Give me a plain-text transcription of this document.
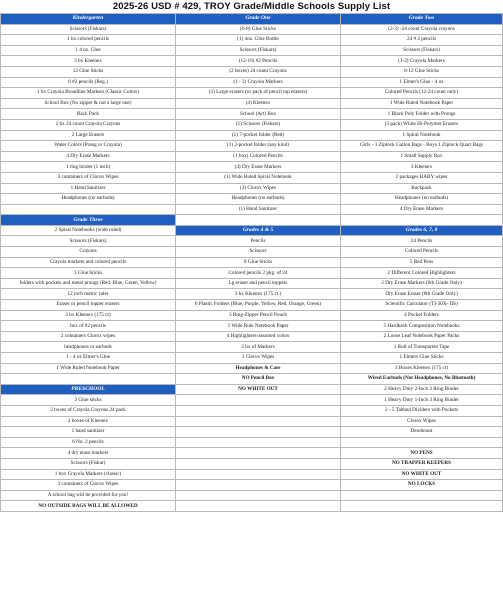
2025-26 USD # 429, TROY Grade/Middle Schools Supply List
Kindergarten	Grade One	Grade Two
Scissors (Fiskars)	(6-8) Glue Sticks	(2-3) -24 count Crayola crayons
1 bx colored pencils	(1) 4oz. Glue Bottle	24 # 2 pencils
1 4 oz. Glue	Scissors (Fiskars)	Scissors (Fiskars)
3 bx Kleenex	(12-16) #2 Pencils	(1-2) Crayola Markers
12 Glue Sticks	(2 boxes) 24 count Crayons	8-12 Glue Sticks
6 #2 pencils (Reg.)	(1 - 2) Crayola Markers	1 Elmer's Glue - 4 oz
1 bx Crayola Broadline Markers (Classic Colors)	(3) Large erasers (or pack of pencil top erasers)	Colored Pencils (12-24 count only)
School Box (No zipper & not a large one)	(4) Kleenex	1 Wide Ruled Notebook Paper
Back Pack	School (Art) Box	1 Black Poly Folder with Prongs
2 bx 24 count Crayola Crayons	(1) Scissors (Fiskars)	(3 pack) White Hi-Polymer Erasers
2 Large Erasers	(1) 7-pocket folder (Red)	1 Spiral Notebook
Water Colors (Prang or Crayola)	(1) 2-pocket folder (any kind)	Girls - 1 Ziplock Gallon Bags - Boys 1 Ziplock Quart Bags
4 Dry Erase Markers	(1 box) Colored Pencils	1 Small Supply Box
1 ring binder (1 inch)	(4) Dry Erase Markers	3 Kleenex
3 containers of Clorox Wipes	(1) Wide Ruled Spiral Notebook	2 packages BABY wipes
1 Hand Sanitizer	(3) Clorox Wipes	Backpack
Headphones (no earbuds)	Headphones (no earbuds)	Headphones (no earbuds)
	(1) Hand Sanitizer	4 Dry Erase Markers
Grade Three		
2 Spiral Notebooks (wide ruled)	Grades 4 & 5	Grades 6, 7, 8
Scissors (Fiskars)	Pencils	24 Pencils
Crayons	Scissors	Colored Pencils
Crayola markers and colored pencils	8 Glue Sticks	5 Red Pens
3 Glue Sticks	Colored pencils 2 pkg. of 24	2 Different Colored Highlighters
folders with pockets and metal prongs (Red, Blue, Green, Yellow)	Lg eraser and pencil toppers	2 Dry Erase Markers (6th Grade Only)
12 inch metric ruler	3 bx Kleenex (175 ct.)	Dry Erase Eraser (6th Grade Only)
Eraser or pencil topper erasers	6 Plastic Folders (Blue, Purple, Yellow, Red, Orange, Green)	Scientific Calculator (TI-30X- IIS)
3 bx Kleenex (175 ct)	3 Ring-Zipper Pencil Pouch	4 Pocket Folders
box of #2 pencils	1 Wide Rule Notebook Paper	5 Hardback Composition Notebooks
2 containers Clorox wipes	4 Highlighters-assorted colors	2 Loose Leaf Notebook Paper Packs
headphones or earbuds	2 bx of Markers	1 Roll of Transparent Tape
1 - 4 oz Elmer's Glue	1 Clorox Wipes	1 Elmers Glue Sticks
1 Wide Ruled Notebook Paper	Headphones & Case	3 Boxes Kleenex (175 ct)
	NO Pencil Box	Wired Earbuds (Not Headphones, No Bluetooth)
PRESCHOOL	NO WHITE OUT	2 Heavy Duty 2-Inch 3 Ring Binder
3 Glue sticks		1 Heavy Duty 1-Inch 3 Ring Binder
2 boxes of Crayola Crayons 24 pack		2 - 5 Tabbed Dividers with Pockets
2 boxes of Kleenex		Clorox Wipes
1 hand sanitizer		Deodorant
6 No. 2 pencils		
4 dry erase markers		NO PENS
Scissors (Fiskar)		NO TRAPPER KEEPERS
1 box Crayola Markers (classic)		NO WHITE OUT
3 containers of Clorox Wipes		NO LOCKS
A school bag will be provided for you!		
NO OUTSIDE BAGS WILL BE ALLOWED		
